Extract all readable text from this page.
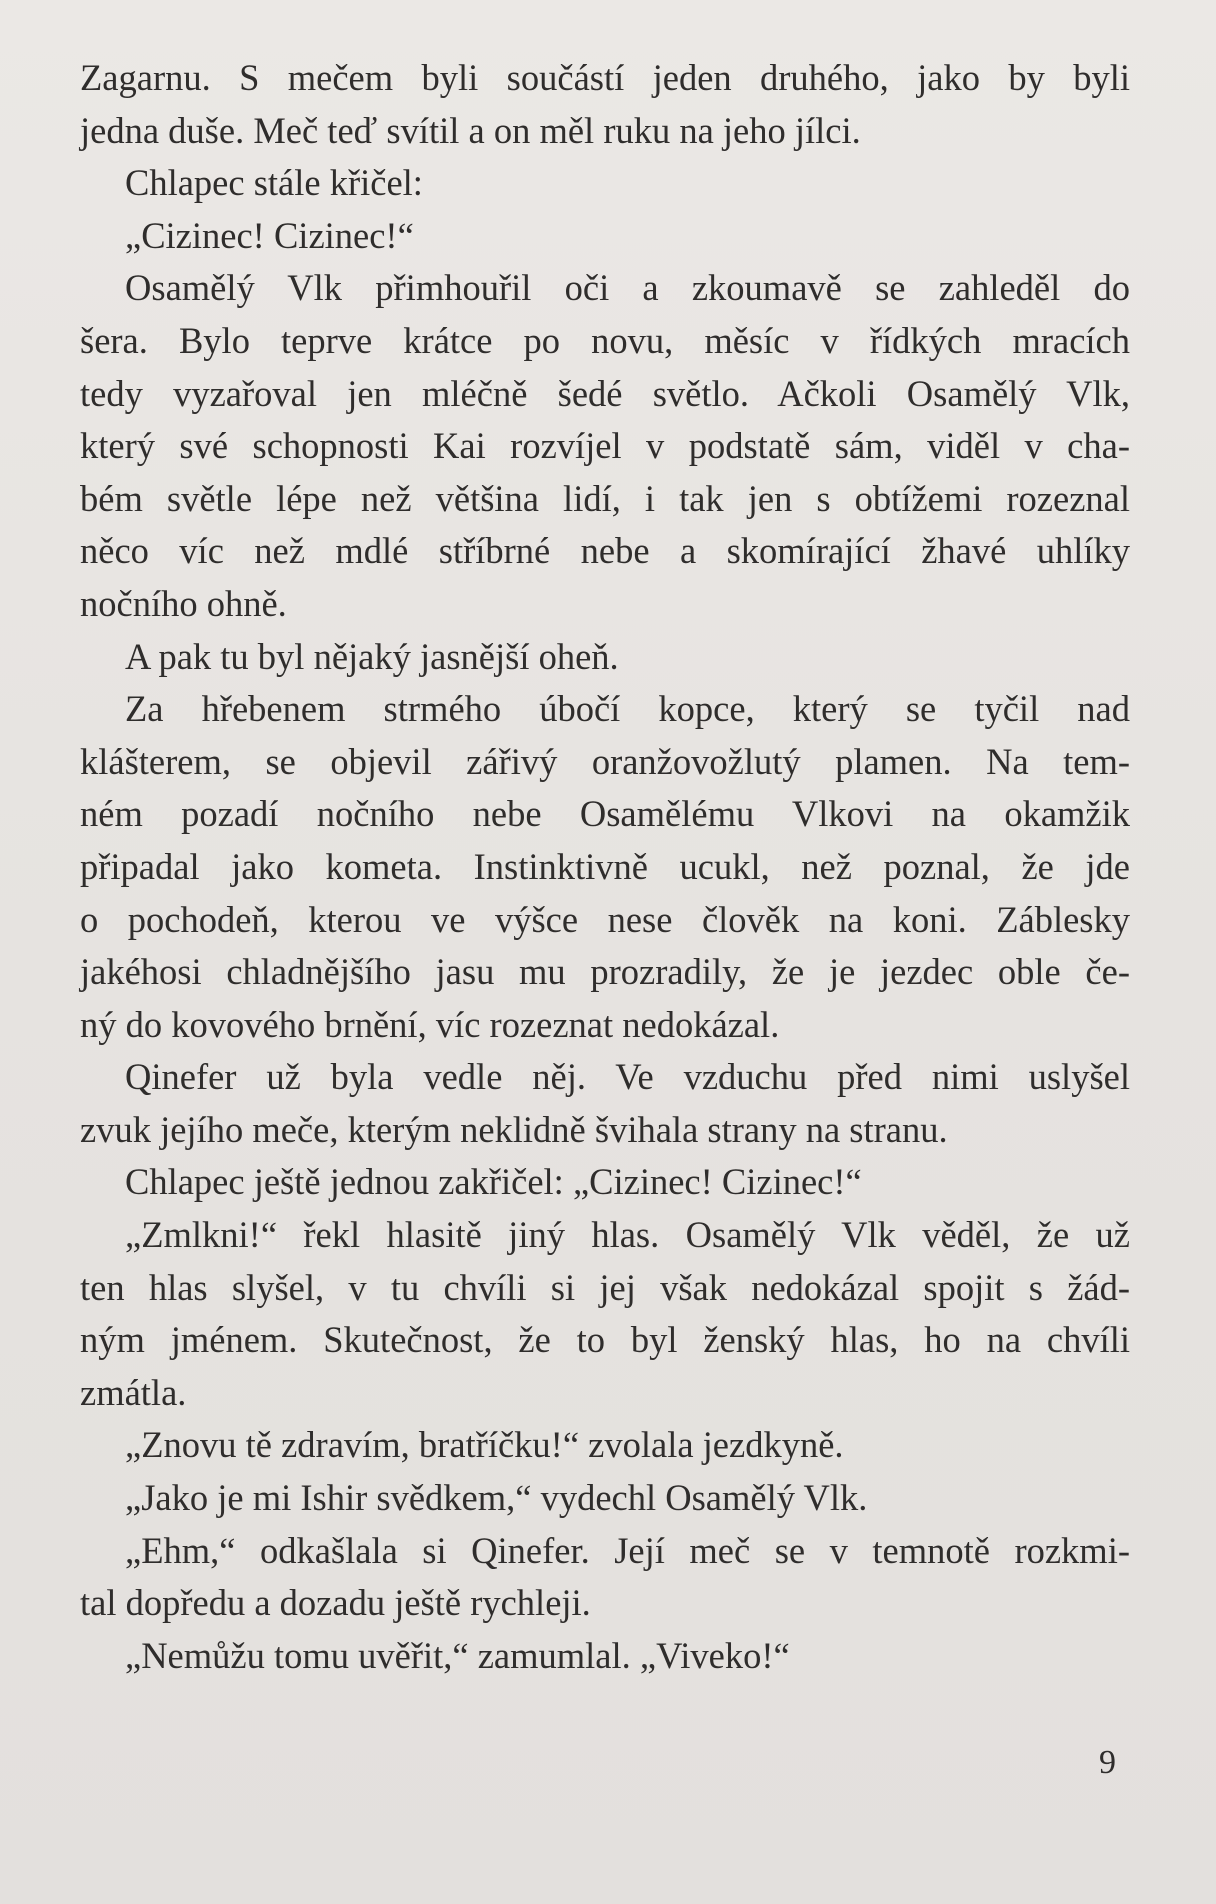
Zagarnu. S mečem byli součástí jeden druhého, jako by byli
jedna duše. Meč teď svítil a on měl ruku na jeho jílci.
Chlapec stále křičel:
„Cizinec! Cizinec!“
Osamělý Vlk přimhouřil oči a zkoumavě se zahleděl do
šera. Bylo teprve krátce po novu, měsíc v řídkých mracích
tedy vyzařoval jen mléčně šedé světlo. Ačkoli Osamělý Vlk,
který své schopnosti Kai rozvíjel v podstatě sám, viděl v cha-
bém světle lépe než většina lidí, i tak jen s obtížemi rozeznal
něco víc než mdlé stříbrné nebe a skomírající žhavé uhlíky
nočního ohně.
A pak tu byl nějaký jasnější oheň.
Za hřebenem strmého úbočí kopce, který se tyčil nad
klášterem, se objevil zářivý oranžovožlutý plamen. Na tem-
ném pozadí nočního nebe Osamělému Vlkovi na okamžik
připadal jako kometa. Instinktivně ucukl, než poznal, že jde
o pochodeň, kterou ve výšce nese člověk na koni. Záblesky
jakéhosi chladnějšího jasu mu prozradily, že je jezdec oble če-
ný do kovového brnění, víc rozeznat nedokázal.
Qinefer už byla vedle něj. Ve vzduchu před nimi uslyšel
zvuk jejího meče, kterým neklidně švihala strany na stranu.
Chlapec ještě jednou zakřičel: „Cizinec! Cizinec!“
„Zmlkni!“ řekl hlasitě jiný hlas. Osamělý Vlk věděl, že už
ten hlas slyšel, v tu chvíli si jej však nedokázal spojit s žád-
ným jménem. Skutečnost, že to byl ženský hlas, ho na chvíli
zmátla.
„Znovu tě zdravím, bratříčku!“ zvolala jezdkyně.
„Jako je mi Ishir svědkem,“ vydechl Osamělý Vlk.
„Ehm,“ odkašlala si Qinefer. Její meč se v temnotě rozkmi-
tal dopředu a dozadu ještě rychleji.
„Nemůžu tomu uvěřit,“ zamumlal. „Viveko!“
9
